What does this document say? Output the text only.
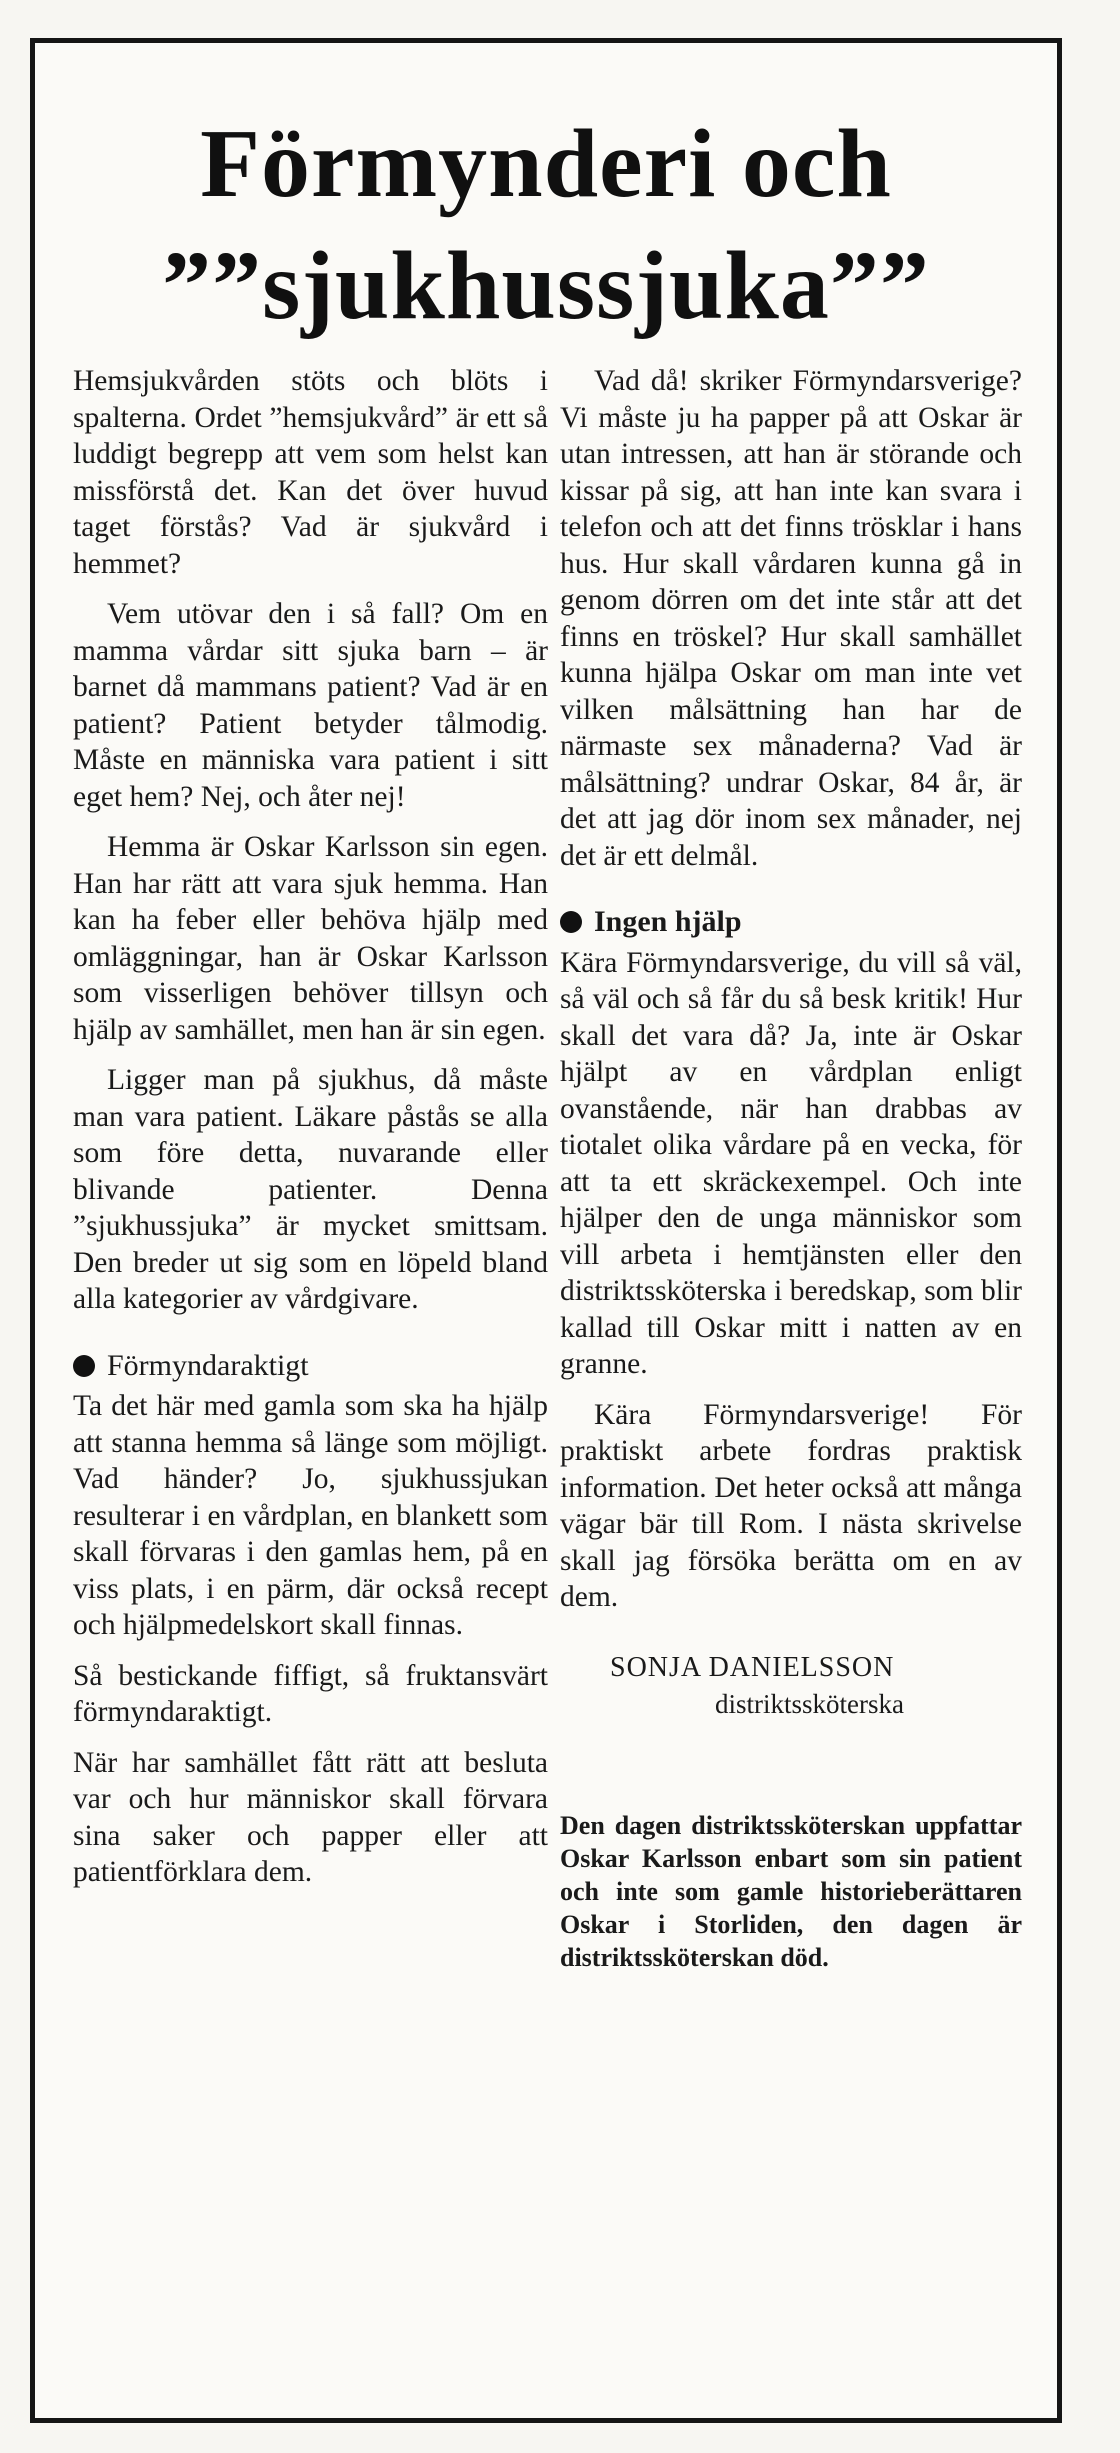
Förmynderi och
””sjukhussjuka””

Hemsjukvården stöts och blöts i spalterna. Ordet ”hemsjukvård” är ett så luddigt begrepp att vem som helst kan missförstå det. Kan det över huvud taget förstås? Vad är sjukvård i hemmet?

Vem utövar den i så fall? Om en mamma vårdar sitt sjuka barn – är barnet då mammans patient? Vad är en patient? Patient betyder tålmodig. Måste en människa vara patient i sitt eget hem? Nej, och åter nej!

Hemma är Oskar Karlsson sin egen. Han har rätt att vara sjuk hemma. Han kan ha feber eller behöva hjälp med omläggningar, han är Oskar Karlsson som visserligen behöver tillsyn och hjälp av samhället, men han är sin egen.

Ligger man på sjukhus, då måste man vara patient. Läkare påstås se alla som före detta, nuvarande eller blivande patienter. Denna ”sjukhussjuka” är mycket smittsam. Den breder ut sig som en löpeld bland alla kategorier av vårdgivare.

Förmyndaraktigt

Ta det här med gamla som ska ha hjälp att stanna hemma så länge som möjligt. Vad händer? Jo, sjukhussjukan resulterar i en vårdplan, en blankett som skall förvaras i den gamlas hem, på en viss plats, i en pärm, där också recept och hjälpmedelskort skall finnas.

Så bestickande fiffigt, så fruktansvärt förmyndaraktigt.

När har samhället fått rätt att besluta var och hur människor skall förvara sina saker och papper eller att patientförklara dem.

Vad då! skriker Förmyndarsverige? Vi måste ju ha papper på att Oskar är utan intressen, att han är störande och kissar på sig, att han inte kan svara i telefon och att det finns trösklar i hans hus. Hur skall vårdaren kunna gå in genom dörren om det inte står att det finns en tröskel? Hur skall samhället kunna hjälpa Oskar om man inte vet vilken målsättning han har de närmaste sex månaderna? Vad är målsättning? undrar Oskar, 84 år, är det att jag dör inom sex månader, nej det är ett delmål.

Ingen hjälp

Kära Förmyndarsverige, du vill så väl, så väl och så får du så besk kritik! Hur skall det vara då? Ja, inte är Oskar hjälpt av en vårdplan enligt ovanstående, när han drabbas av tiotalet olika vårdare på en vecka, för att ta ett skräckexempel. Och inte hjälper den de unga människor som vill arbeta i hemtjänsten eller den distriktssköterska i beredskap, som blir kallad till Oskar mitt i natten av en granne.

Kära Förmyndarsverige! För praktiskt arbete fordras praktisk information. Det heter också att många vägar bär till Rom. I nästa skrivelse skall jag försöka berätta om en av dem.

SONJA DANIELSSON
distriktssköterska
Den dagen distriktssköterskan uppfattar Oskar Karlsson enbart som sin patient och inte som gamle historieberättaren Oskar i Storliden, den dagen är distriktssköterskan död.
